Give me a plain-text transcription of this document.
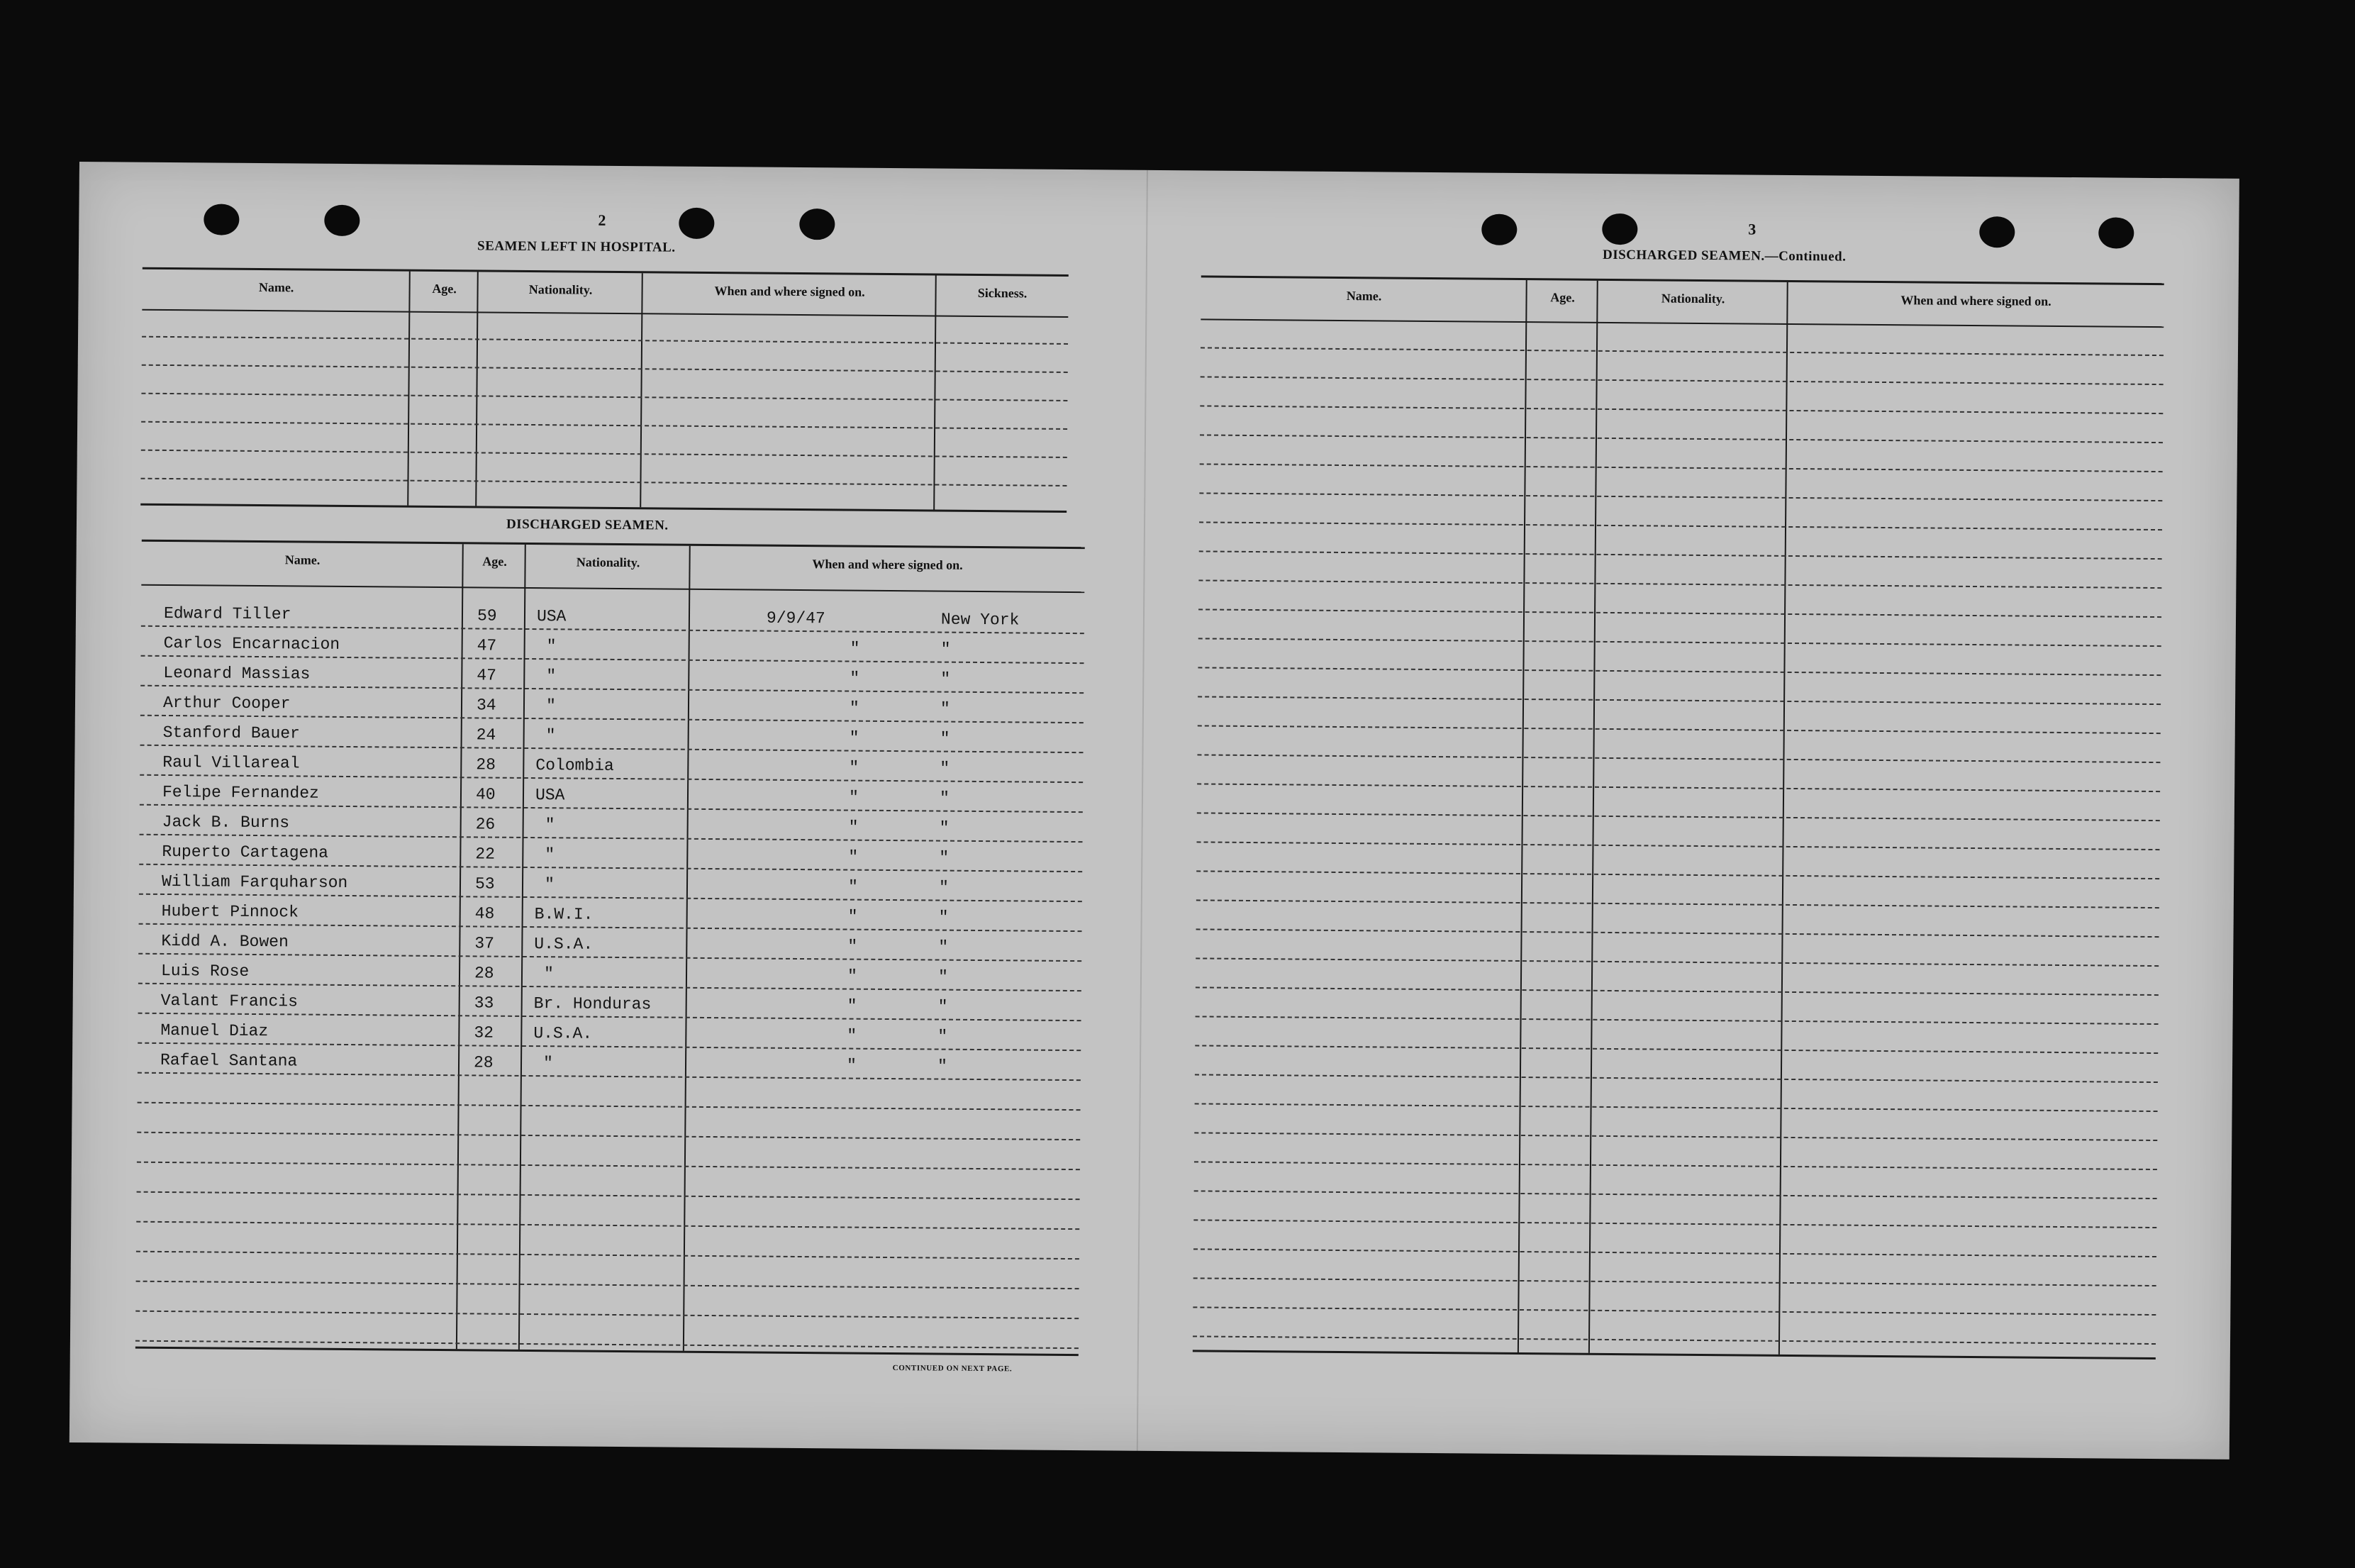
2
SEAMEN LEFT IN HOSPITAL.
Name.	Age.	Nationality.	When and where signed on.	Sickness.
DISCHARGED SEAMEN.
Name.	Age.	Nationality.	When and where signed on.
Edward Tiller	59 USA	9/9/47	New York
Carlos Encarnacion	47	"	"	"
Leonard Massias	47	"	"	"
Arthur Cooper	34	"	"	"
Stanford Bauer	24	"	"	"
Raul Villareal	28 Colombia	"	"
Felipe Fernandez	40 USA	"	"
Jack B. Burns	26	"	"	"
Ruperto Cartagena	22	"	"	"
William Farquharson	53	"	"	"
Hubert Pinnock	48 B.W.I.	"	"
Kidd A. Bowen	37 U.S.A.	"	"
Luis Rose	28	"	"	"
Valant Francis	33 Br. Honduras	"	"
Manuel Diaz	32 U.S.A.	"	"
Rafael Santana	28	"	"	"
CONTINUED ON NEXT PAGE.

3
DISCHARGED SEAMEN.—Continued.
Name.	Age.	Nationality.	When and where signed on.
